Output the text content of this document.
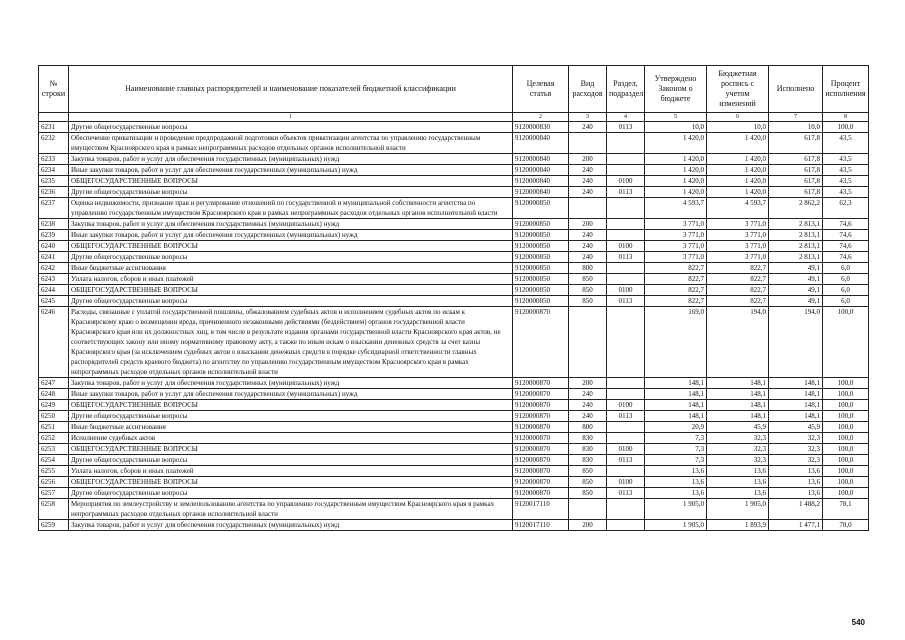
№ строки	Наименование главных распорядителей и наименование показателей бюджетной классификации	Целевая статья	Вид расходов	Раздел, подраздел	Утверждено Законом о бюджете	Бюджетная роспись с учетом изменений	Исполнено	Процент исполнения
	1	2	3	4	5	6	7	8
6231	Другие общегосударственные вопросы	9120000830	240	0113	10,0	10,0	10,0	100,0
6232	Обеспечение приватизации и проведение предпродажной подготовки объектов приватизации агентства по управлению государственным имуществом Красноярского края в рамках непрограммных расходов отдельных органов исполнительной власти	9120000840			1 420,0	1 420,0	617,8	43,5
6233	Закупка товаров, работ и услуг для обеспечения государственных (муниципальных) нужд	9120000840	200		1 420,0	1 420,0	617,8	43,5
6234	Иные закупки товаров, работ и услуг для обеспечения государственных (муниципальных) нужд	9120000840	240		1 420,0	1 420,0	617,8	43,5
6235	ОБЩЕГОСУДАРСТВЕННЫЕ ВОПРОСЫ	9120000840	240	0100	1 420,0	1 420,0	617,8	43,5
6236	Другие общегосударственные вопросы	9120000840	240	0113	1 420,0	1 420,0	617,8	43,5
6237	Оценка недвижимости, признание прав и регулирование отношений по государственной и муниципальной собственности агентства по управлению государственным имуществом Красноярского края в рамках непрограммных расходов отдельных органов исполнительной власти	9120000850			4 593,7	4 593,7	2 862,2	62,3
6238	Закупка товаров, работ и услуг для обеспечения государственных (муниципальных) нужд	9120000850	200		3 771,0	3 771,0	2 813,1	74,6
6239	Иные закупки товаров, работ и услуг для обеспечения государственных (муниципальных) нужд	9120000850	240		3 771,0	3 771,0	2 813,1	74,6
6240	ОБЩЕГОСУДАРСТВЕННЫЕ ВОПРОСЫ	9120000850	240	0100	3 771,0	3 771,0	2 813,1	74,6
6241	Другие общегосударственные вопросы	9120000850	240	0113	3 771,0	3 771,0	2 813,1	74,6
6242	Иные бюджетные ассигнования	9120000850	800		822,7	822,7	49,1	6,0
6243	Уплата налогов, сборов и иных платежей	9120000850	850		822,7	822,7	49,1	6,0
6244	ОБЩЕГОСУДАРСТВЕННЫЕ ВОПРОСЫ	9120000850	850	0100	822,7	822,7	49,1	6,0
6245	Другие общегосударственные вопросы	9120000850	850	0113	822,7	822,7	49,1	6,0
6246	Расходы, связанные с уплатой государственной пошлины, обжалованием судебных актов и исполнением судебных актов по искам к Красноярскому краю о возмещении вреда, причиненного незаконными действиями (бездействием) органов государственной власти Красноярского края или их должностных лиц, в том числе в результате издания органами государственной власти Красноярского края актов, не соответствующих закону или иному нормативному правовому акту, а также по иным искам о взыскании денежных средств за счет казны Красноярского края (за исключением судебных актов о взыскании денежных средств в порядке субсидиарной ответственности главных распорядителей средств краевого бюджета) по агентству по управлению государственным имуществом Красноярского края в рамках непрограммных расходов отдельных органов исполнительной власти	9120000870			169,0	194,0	194,0	100,0
6247	Закупка товаров, работ и услуг для обеспечения государственных (муниципальных) нужд	9120000870	200		148,1	148,1	148,1	100,0
6248	Иные закупки товаров, работ и услуг для обеспечения государственных (муниципальных) нужд	9120000870	240		148,1	148,1	148,1	100,0
6249	ОБЩЕГОСУДАРСТВЕННЫЕ ВОПРОСЫ	9120000870	240	0100	148,1	148,1	148,1	100,0
6250	Другие общегосударственные вопросы	9120000870	240	0113	148,1	148,1	148,1	100,0
6251	Иные бюджетные ассигнования	9120000870	800		20,9	45,9	45,9	100,0
6252	Исполнение судебных актов	9120000870	830		7,3	32,3	32,3	100,0
6253	ОБЩЕГОСУДАРСТВЕННЫЕ ВОПРОСЫ	9120000870	830	0100	7,3	32,3	32,3	100,0
6254	Другие общегосударственные вопросы	9120000870	830	0113	7,3	32,3	32,3	100,0
6255	Уплата налогов, сборов и иных платежей	9120000870	850		13,6	13,6	13,6	100,0
6256	ОБЩЕГОСУДАРСТВЕННЫЕ ВОПРОСЫ	9120000870	850	0100	13,6	13,6	13,6	100,0
6257	Другие общегосударственные вопросы	9120000870	850	0113	13,6	13,6	13,6	100,0
6258	Мероприятия по землеустройству и землепользованию агентства по управлению государственным имуществом Красноярского края в рамках непрограммных расходов отдельных органов исполнительной власти	9120017110			1 905,0	1 905,0	1 488,2	78,1
6259	Закупка товаров, работ и услуг для обеспечения государственных (муниципальных) нужд	9120017110	200		1 905,0	1 893,9	1 477,1	78,0
540
